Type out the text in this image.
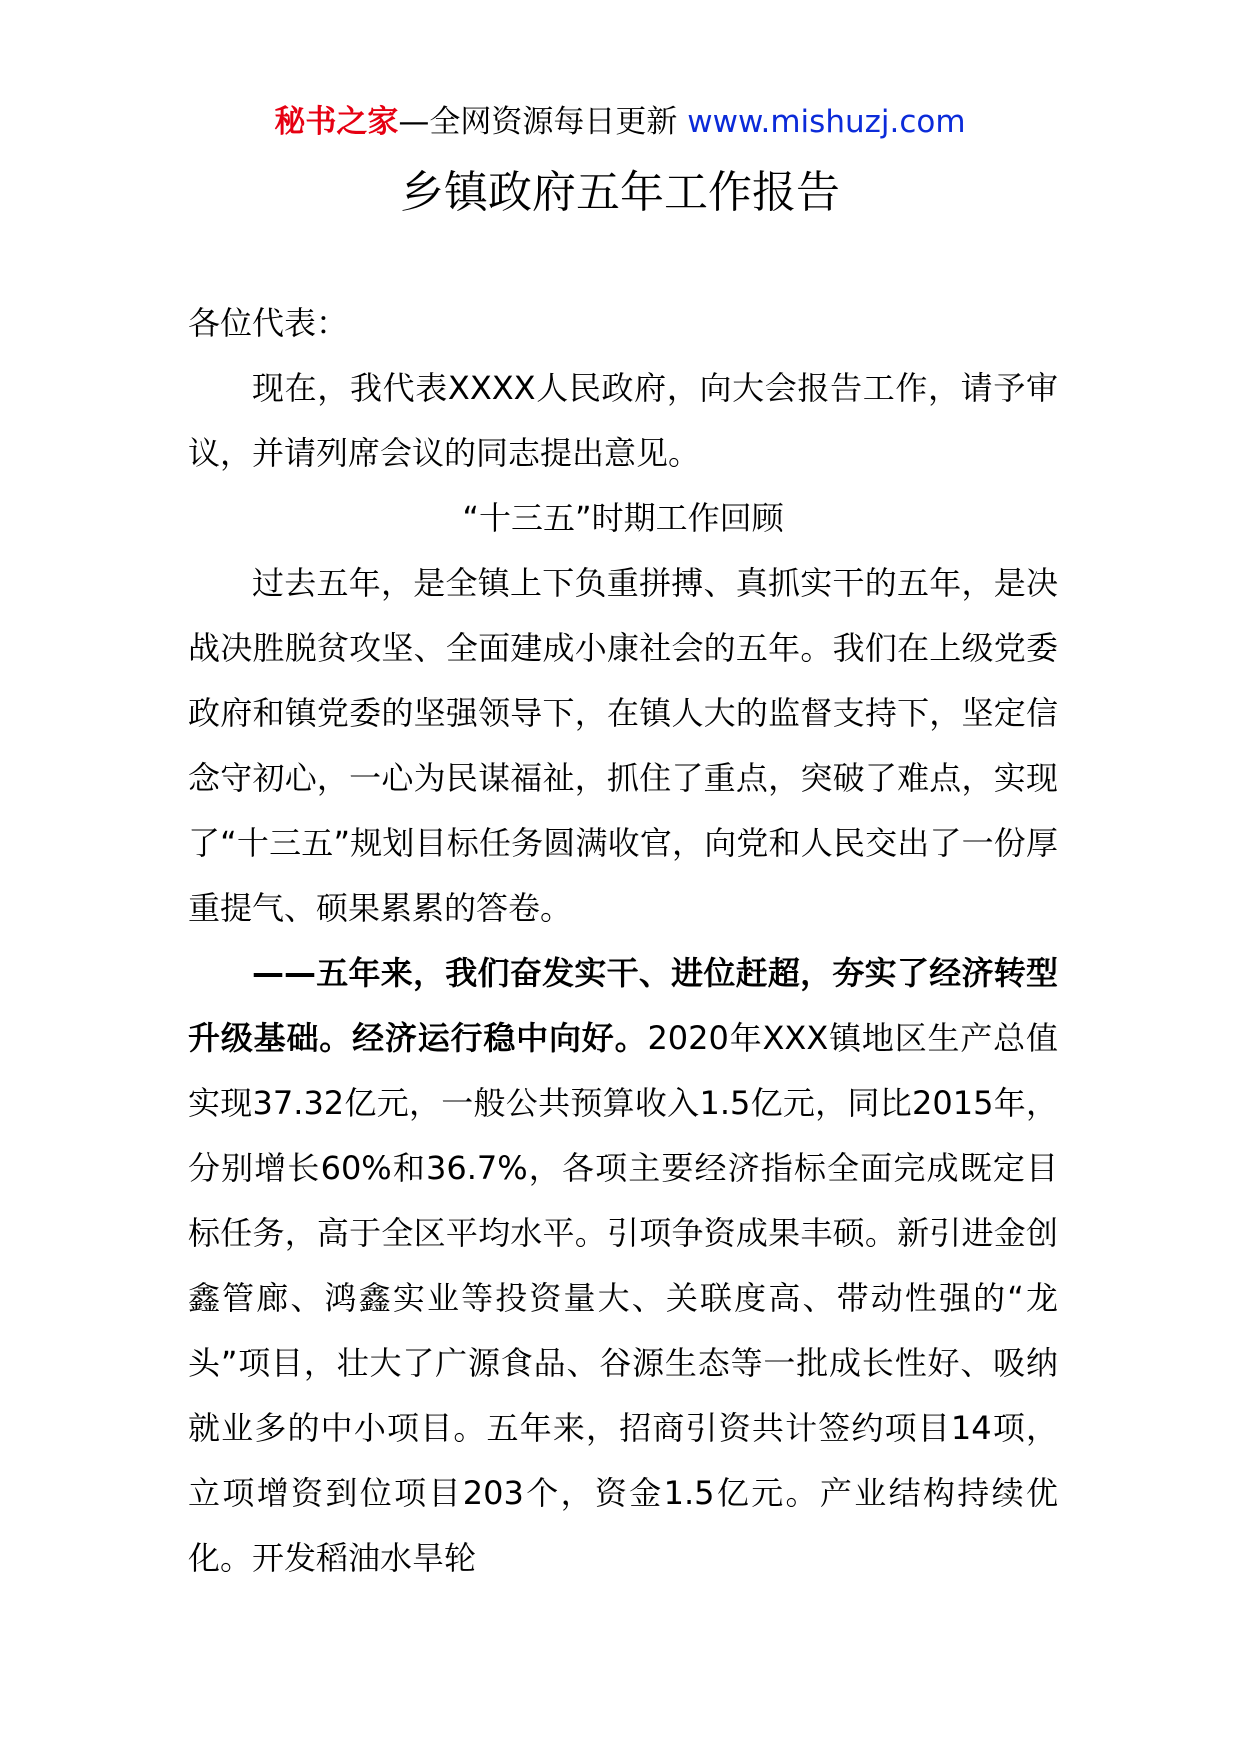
秘书之家—全网资源每日更新 www.mishuzj.com
乡镇政府五年工作报告

各位代表：

现在，我代表XXXX人民政府，向大会报告工作，请予审议，并请列席会议的同志提出意见。

“十三五”时期工作回顾

过去五年，是全镇上下负重拼搏、真抓实干的五年，是决战决胜脱贫攻坚、全面建成小康社会的五年。我们在上级党委政府和镇党委的坚强领导下，在镇人大的监督支持下，坚定信念守初心，一心为民谋福祉，抓住了重点，突破了难点，实现了“十三五”规划目标任务圆满收官，向党和人民交出了一份厚重提气、硕果累累的答卷。

——五年来，我们奋发实干、进位赶超，夯实了经济转型升级基础。经济运行稳中向好。2020年XXX镇地区生产总值实现37.32亿元，一般公共预算收入1.5亿元，同比2015年，分别增长60%和36.7%，各项主要经济指标全面完成既定目标任务，高于全区平均水平。引项争资成果丰硕。新引进金创鑫管廊、鸿鑫实业等投资量大、关联度高、带动性强的“龙头”项目，壮大了广源食品、谷源生态等一批成长性好、吸纳就业多的中小项目。五年来，招商引资共计签约项目14项，立项增资到位项目203个，资金1.5亿元。产业结构持续优化。开发稻油水旱轮
